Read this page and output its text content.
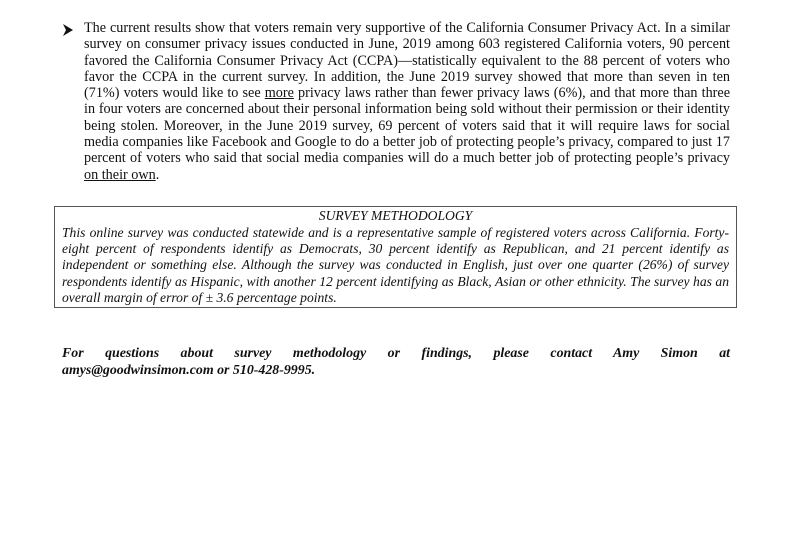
The current results show that voters remain very supportive of the California Consumer Privacy Act. In a similar survey on consumer privacy issues conducted in June, 2019 among 603 registered California voters, 90 percent favored the California Consumer Privacy Act (CCPA)—statistically equivalent to the 88 percent of voters who favor the CCPA in the current survey. In addition, the June 2019 survey showed that more than seven in ten (71%) voters would like to see more privacy laws rather than fewer privacy laws (6%), and that more than three in four voters are concerned about their personal information being sold without their permission or their identity being stolen. Moreover, in the June 2019 survey, 69 percent of voters said that it will require laws for social media companies like Facebook and Google to do a better job of protecting people’s privacy, compared to just 17 percent of voters who said that social media companies will do a much better job of protecting people’s privacy on their own.

SURVEY METHODOLOGY

This online survey was conducted statewide and is a representative sample of registered voters across California. Forty-eight percent of respondents identify as Democrats, 30 percent identify as Republican, and 21 percent identify as independent or something else. Although the survey was conducted in English, just over one quarter (26%) of survey respondents identify as Hispanic, with another 12 percent identifying as Black, Asian or other ethnicity. The survey has an overall margin of error of ± 3.6 percentage points.

For questions about survey methodology or findings, please contact Amy Simon at
amys@goodwinsimon.com or 510-428-9995.
